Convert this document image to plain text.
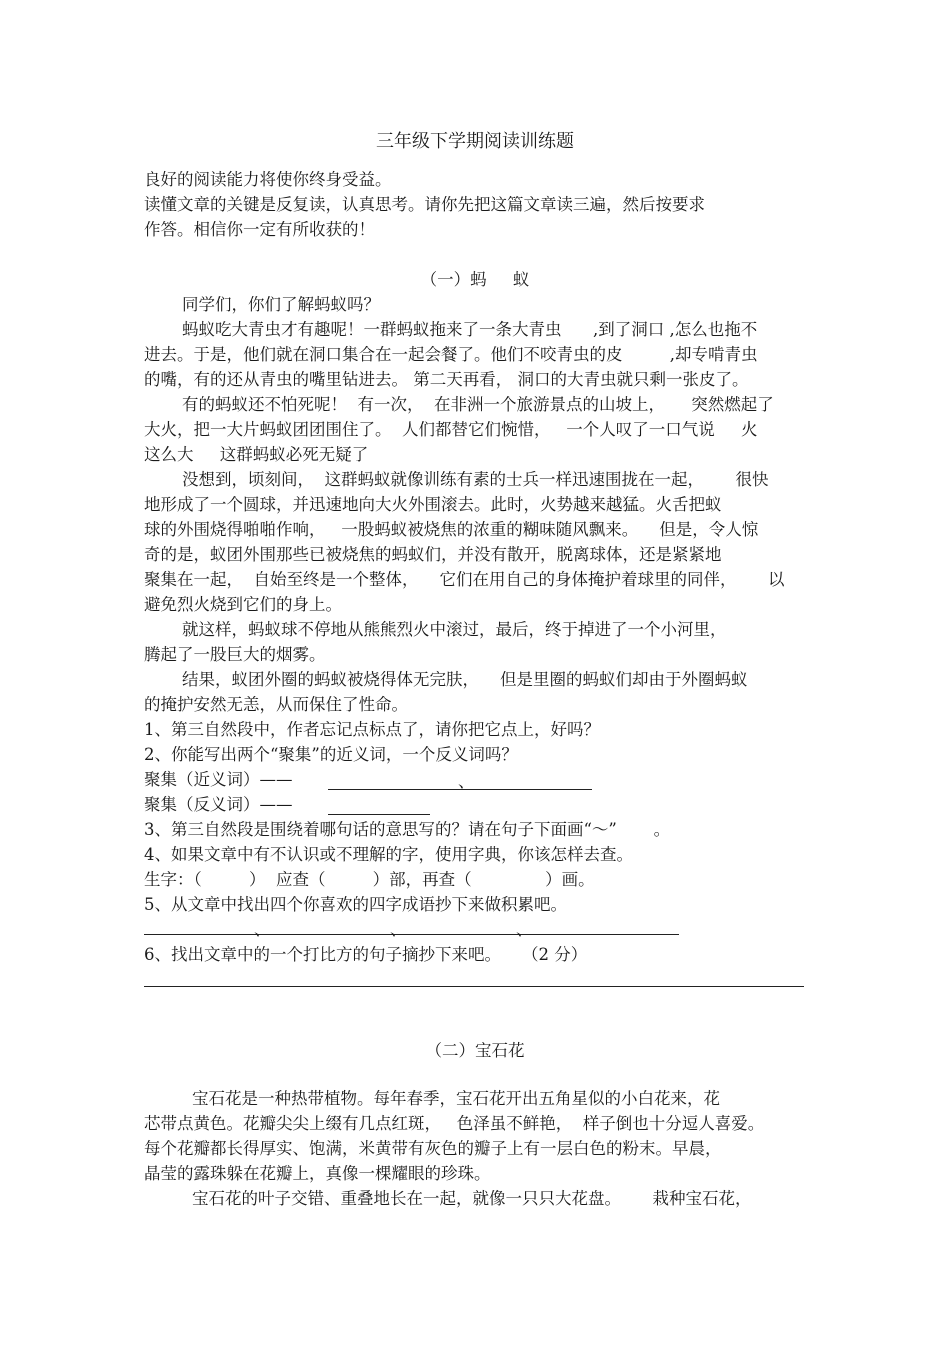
三年级下学期阅读训练题
良好的阅读能力将使你终身受益。
读懂文章的关键是反复读，认真思考。请你先把这篇文章读三遍，然后按要求
作答。相信你一定有所收获的！
（一）蚂     蚁
同学们，你们了解蚂蚁吗？
蚂蚁吃大青虫才有趣呢！一群蚂蚁拖来了一条大青虫      ,到了洞口 ,怎么也拖不
进去。于是，他们就在洞口集合在一起会餐了。他们不咬青虫的皮         ,却专啃青虫
的嘴，有的还从青虫的嘴里钻进去。 第二天再看， 洞口的大青虫就只剩一张皮了。
有的蚂蚁还不怕死呢！  有一次，  在非洲一个旅游景点的山坡上，     突然燃起了
大火，把一大片蚂蚁团团围住了。  人们都替它们惋惜，   一个人叹了一口气说     火
这么大     这群蚂蚁必死无疑了
没想到，顷刻间，  这群蚂蚁就像训练有素的士兵一样迅速围拢在一起，      很快
地形成了一个圆球，并迅速地向大火外围滚去。此时，火势越来越猛。火舌把蚁
球的外围烧得啪啪作响，   一股蚂蚁被烧焦的浓重的糊味随风飘来。    但是，令人惊
奇的是，蚁团外围那些已被烧焦的蚂蚁们，并没有散开，脱离球体，还是紧紧地
聚集在一起，  自始至终是一个整体，    它们在用自己的身体掩护着球里的同伴，      以
避免烈火烧到它们的身上。
就这样，蚂蚁球不停地从熊熊烈火中滚过，最后，终于掉进了一个小河里，
腾起了一股巨大的烟雾。
结果，蚁团外圈的蚂蚁被烧得体无完肤，    但是里圈的蚂蚁们却由于外圈蚂蚁
的掩护安然无恙，从而保住了性命。
1、第三自然段中，作者忘记点标点了，请你把它点上，好吗？
2、你能写出两个“聚集”的近义词，一个反义词吗？
聚集（近义词）——	、
聚集（反义词）——
3、第三自然段是围绕着哪句话的意思写的？请在句子下面画“〜”       。
4、如果文章中有不认识或不理解的字，使用字典，你该怎样去查。
生字：（         ）  应查（         ）部，再查（              ）画。
5、从文章中找出四个你喜欢的四字成语抄下来做积累吧。
、	、	、
6、找出文章中的一个打比方的句子摘抄下来吧。    （2 分）
（二）宝石花
宝石花是一种热带植物。每年春季，宝石花开出五角星似的小白花来，花
芯带点黄色。花瓣尖尖上缀有几点红斑，   色泽虽不鲜艳，  样子倒也十分逗人喜爱。
每个花瓣都长得厚实、饱满，米黄带有灰色的瓣子上有一层白色的粉末。早晨，
晶莹的露珠躲在花瓣上，真像一棵耀眼的珍珠。
宝石花的叶子交错、重叠地长在一起，就像一只只大花盘。      栽种宝石花，
